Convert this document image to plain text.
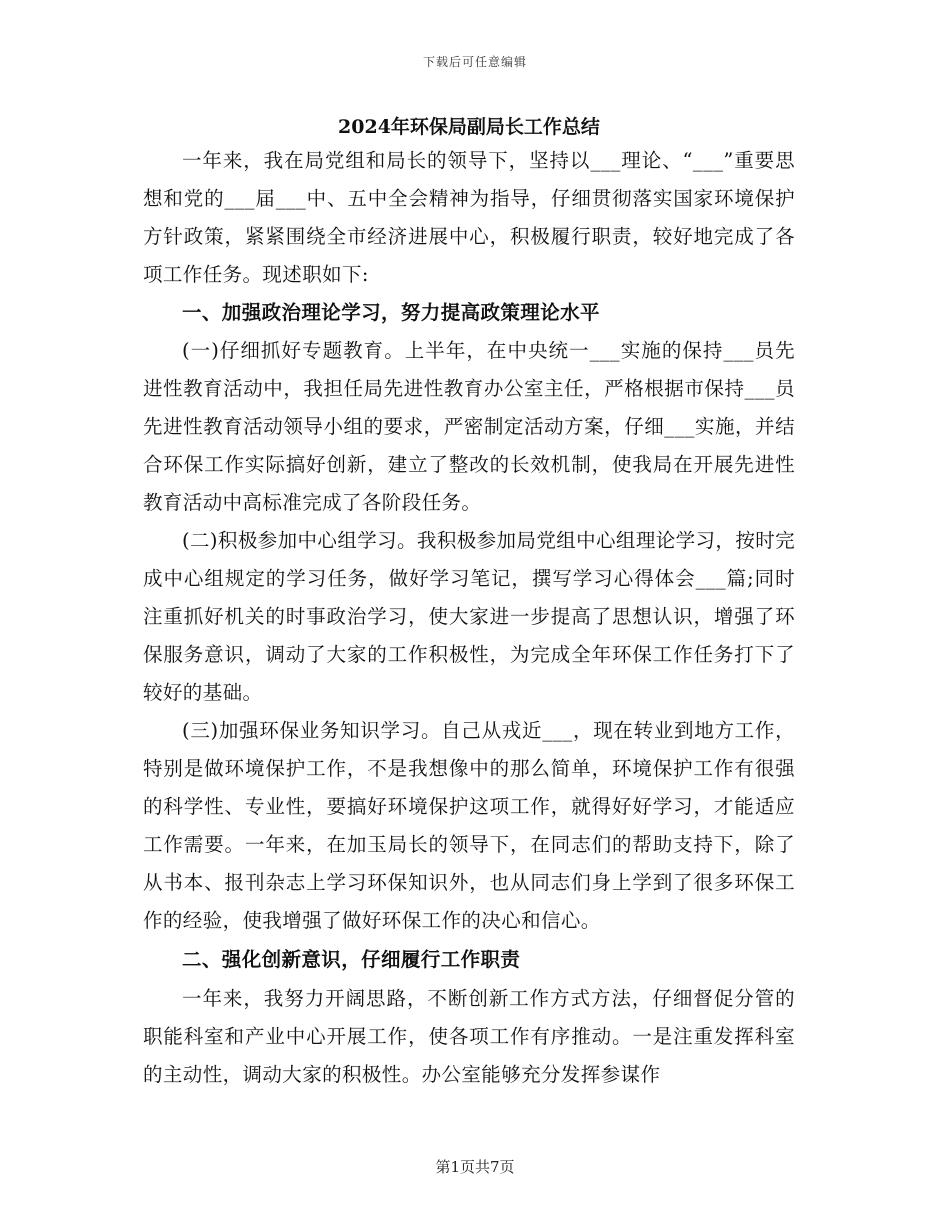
下载后可任意编辑
2024年环保局副局长工作总结

一年来，我在局党组和局长的领导下，坚持以___理论、“___”重要思想和党的___届___中、五中全会精神为指导，仔细贯彻落实国家环境保护方针政策，紧紧围绕全市经济进展中心，积极履行职责，较好地完成了各项工作任务。现述职如下:

一、加强政治理论学习，努力提高政策理论水平

(一)仔细抓好专题教育。上半年，在中央统一___实施的保持___员先进性教育活动中，我担任局先进性教育办公室主任，严格根据市保持___员先进性教育活动领导小组的要求，严密制定活动方案，仔细___实施，并结合环保工作实际搞好创新，建立了整改的长效机制，使我局在开展先进性教育活动中高标准完成了各阶段任务。

(二)积极参加中心组学习。我积极参加局党组中心组理论学习，按时完成中心组规定的学习任务，做好学习笔记，撰写学习心得体会___篇;同时注重抓好机关的时事政治学习，使大家进一步提高了思想认识，增强了环保服务意识，调动了大家的工作积极性，为完成全年环保工作任务打下了较好的基础。

(三)加强环保业务知识学习。自己从戎近___，现在转业到地方工作，特别是做环境保护工作，不是我想像中的那么简单，环境保护工作有很强的科学性、专业性，要搞好环境保护这项工作，就得好好学习，才能适应工作需要。一年来，在加玉局长的领导下，在同志们的帮助支持下，除了从书本、报刊杂志上学习环保知识外，也从同志们身上学到了很多环保工作的经验，使我增强了做好环保工作的决心和信心。

二、强化创新意识，仔细履行工作职责

一年来，我努力开阔思路，不断创新工作方式方法，仔细督促分管的职能科室和产业中心开展工作，使各项工作有序推动。一是注重发挥科室的主动性，调动大家的积极性。办公室能够充分发挥参谋作

第1页共7页
